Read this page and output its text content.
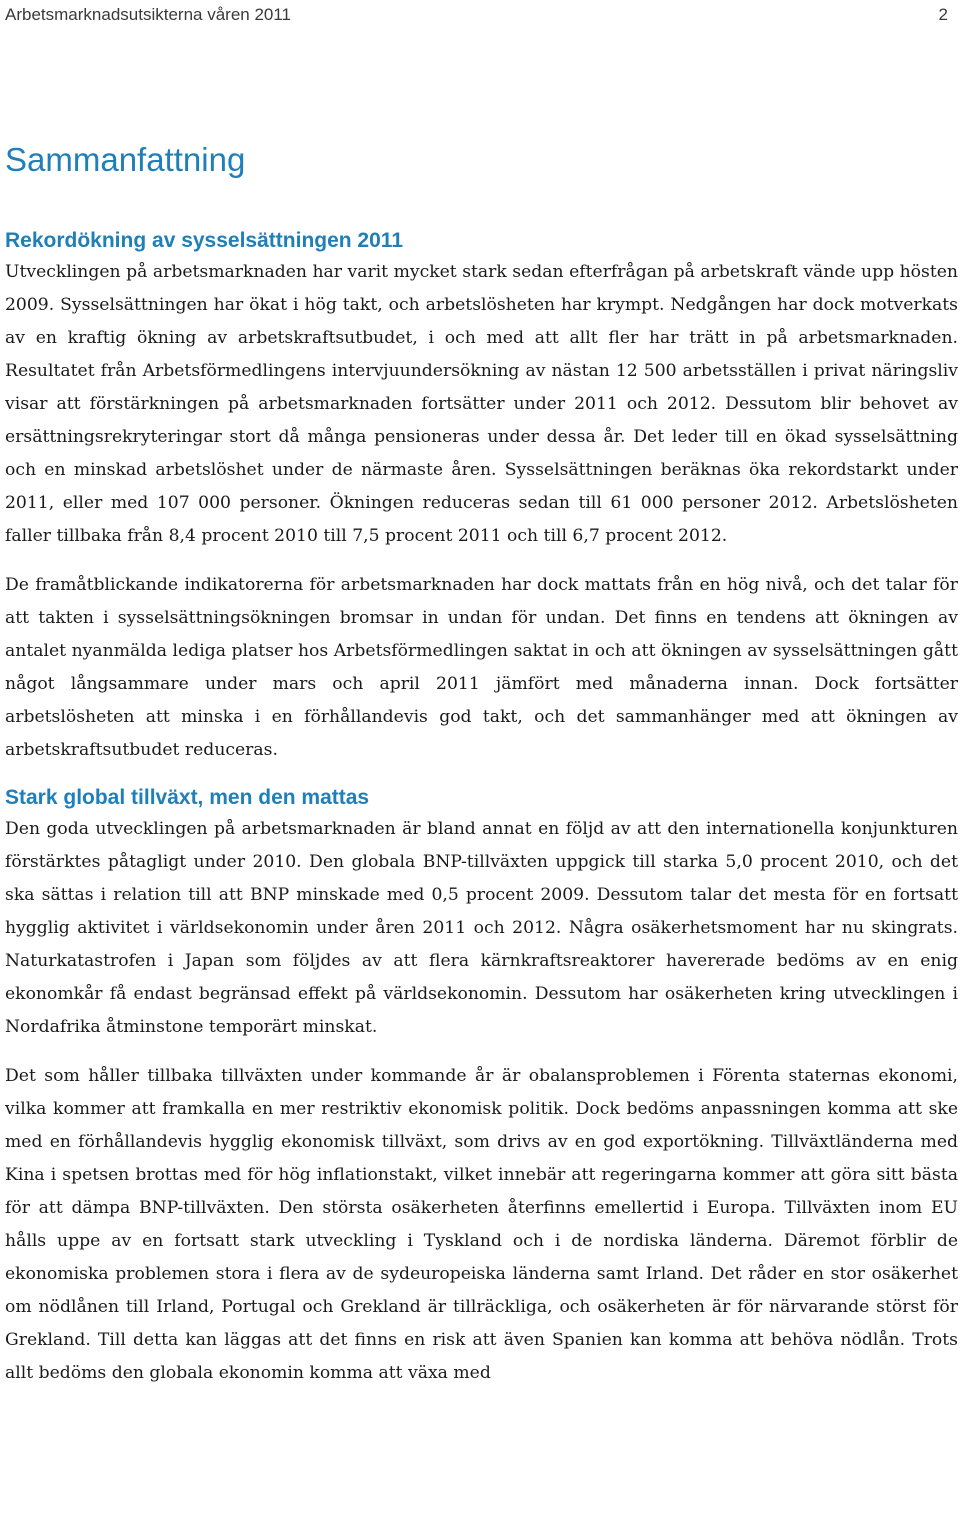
Arbetsmarknadsutsikterna våren 2011	2
Sammanfattning
Rekordökning av sysselsättningen 2011

Utvecklingen på arbetsmarknaden har varit mycket stark sedan efterfrågan på arbetskraft vände upp hösten 2009. Sysselsättningen har ökat i hög takt, och arbetslösheten har krympt. Nedgången har dock motverkats av en kraftig ökning av arbetskraftsutbudet, i och med att allt fler har trätt in på arbetsmarknaden. Resultatet från Arbetsförmedlingens intervjuundersökning av nästan 12 500 arbetsställen i privat näringsliv visar att förstärkningen på arbetsmarknaden fortsätter under 2011 och 2012. Dessutom blir behovet av ersättningsrekryteringar stort då många pensioneras under dessa år. Det leder till en ökad sysselsättning och en minskad arbetslöshet under de närmaste åren. Sysselsättningen beräknas öka rekordstarkt under 2011, eller med 107 000 personer. Ökningen reduceras sedan till 61 000 personer 2012. Arbetslösheten faller tillbaka från 8,4 procent 2010 till 7,5 procent 2011 och till 6,7 procent 2012.

De framåtblickande indikatorerna för arbetsmarknaden har dock mattats från en hög nivå, och det talar för att takten i sysselsättningsökningen bromsar in undan för undan. Det finns en tendens att ökningen av antalet nyanmälda lediga platser hos Arbetsförmedlingen saktat in och att ökningen av sysselsättningen gått något långsammare under mars och april 2011 jämfört med månaderna innan. Dock fortsätter arbetslösheten att minska i en förhållandevis god takt, och det sammanhänger med att ökningen av arbetskraftsutbudet reduceras.

Stark global tillväxt, men den mattas

Den goda utvecklingen på arbetsmarknaden är bland annat en följd av att den internationella konjunkturen förstärktes påtagligt under 2010. Den globala BNP-tillväxten uppgick till starka 5,0 procent 2010, och det ska sättas i relation till att BNP minskade med 0,5 procent 2009. Dessutom talar det mesta för en fortsatt hygglig aktivitet i världsekonomin under åren 2011 och 2012. Några osäkerhetsmoment har nu skingrats. Naturkatastrofen i Japan som följdes av att flera kärnkraftsreaktorer havererade bedöms av en enig ekonomkår få endast begränsad effekt på världsekonomin. Dessutom har osäkerheten kring utvecklingen i Nordafrika åtminstone temporärt minskat.

Det som håller tillbaka tillväxten under kommande år är obalansproblemen i Förenta staternas ekonomi, vilka kommer att framkalla en mer restriktiv ekonomisk politik. Dock bedöms anpassningen komma att ske med en förhållandevis hygglig ekonomisk tillväxt, som drivs av en god exportökning. Tillväxtländerna med Kina i spetsen brottas med för hög inflationstakt, vilket innebär att regeringarna kommer att göra sitt bästa för att dämpa BNP-tillväxten. Den största osäkerheten återfinns emellertid i Europa. Tillväxten inom EU hålls uppe av en fortsatt stark utveckling i Tyskland och i de nordiska länderna. Däremot förblir de ekonomiska problemen stora i flera av de sydeuropeiska länderna samt Irland. Det råder en stor osäkerhet om nödlånen till Irland, Portugal och Grekland är tillräckliga, och osäkerheten är för närvarande störst för Grekland. Till detta kan läggas att det finns en risk att även Spanien kan komma att behöva nödlån. Trots allt bedöms den globala ekonomin komma att växa med
